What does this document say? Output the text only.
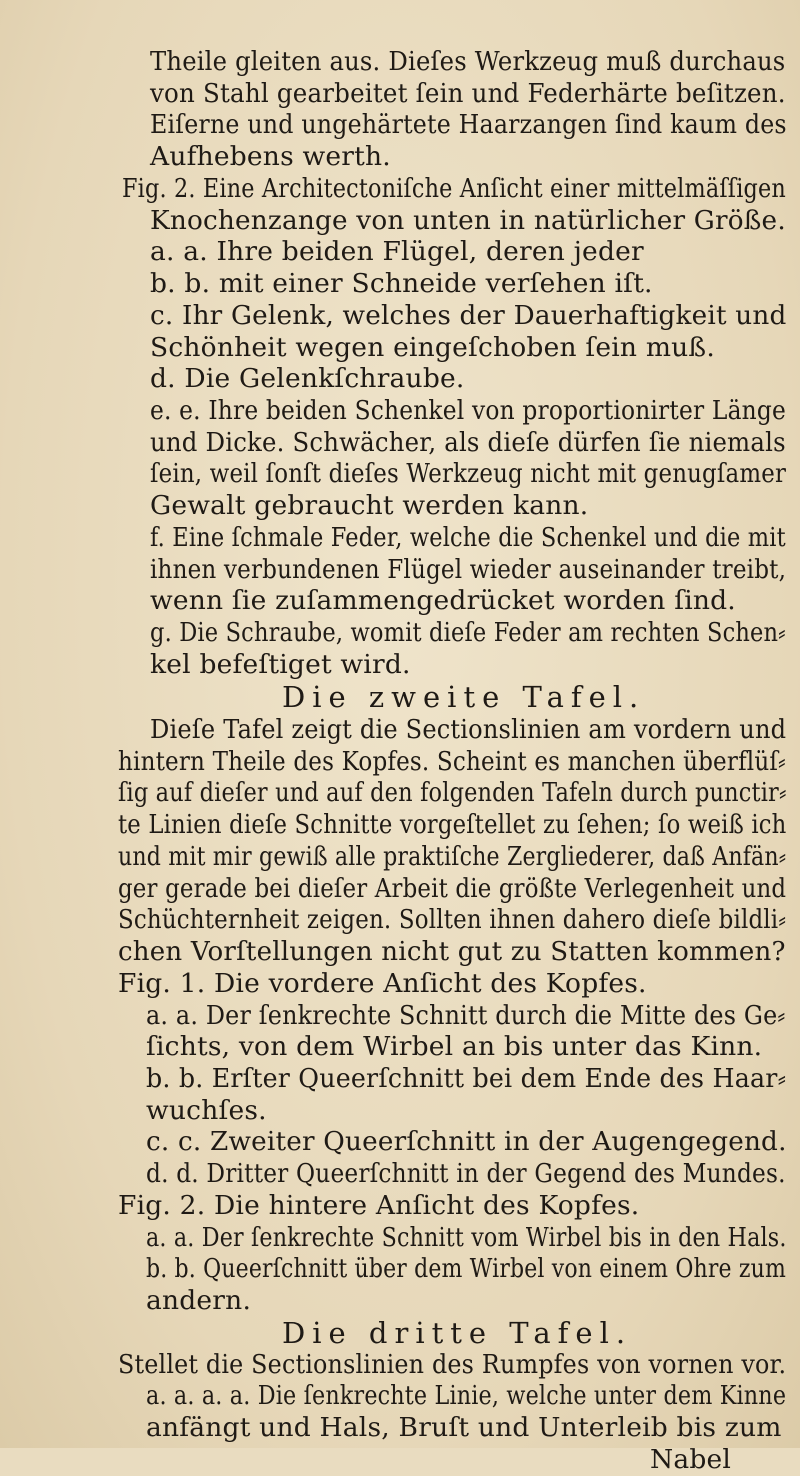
Theile gleiten aus. Dieſes Werkzeug muß durchaus
von Stahl gearbeitet ſein und Federhärte beſitzen.
Eiſerne und ungehärtete Haarzangen ſind kaum des
Aufhebens werth.
Fig. 2. Eine Architectoniſche Anſicht einer mittelmäſſigen
Knochenzange von unten in natürlicher Größe.
a. a. Ihre beiden Flügel, deren jeder
b. b. mit einer Schneide verſehen iſt.
c. Ihr Gelenk, welches der Dauerhaftigkeit und
Schönheit wegen eingeſchoben ſein muß.
d. Die Gelenkſchraube.
e. e. Ihre beiden Schenkel von proportionirter Länge
und Dicke. Schwächer, als dieſe dürfen ſie niemals
ſein, weil ſonſt dieſes Werkzeug nicht mit genugſamer
Gewalt gebraucht werden kann.
f. Eine ſchmale Feder, welche die Schenkel und die mit
ihnen verbundenen Flügel wieder auseinander treibt,
wenn ſie zuſammengedrücket worden ſind.
g. Die Schraube, womit dieſe Feder am rechten Schen⸗
kel befeſtiget wird.
Die zweite Tafel.
Dieſe Tafel zeigt die Sectionslinien am vordern und
hintern Theile des Kopfes. Scheint es manchen überflüſ⸗
ſig auf dieſer und auf den folgenden Tafeln durch punctir⸗
te Linien dieſe Schnitte vorgeſtellet zu ſehen; ſo weiß ich
und mit mir gewiß alle praktiſche Zergliederer, daß Anfän⸗
ger gerade bei dieſer Arbeit die größte Verlegenheit und
Schüchternheit zeigen. Sollten ihnen dahero dieſe bildli⸗
chen Vorſtellungen nicht gut zu Statten kommen?
Fig. 1. Die vordere Anſicht des Kopfes.
a. a. Der ſenkrechte Schnitt durch die Mitte des Ge⸗
ſichts, von dem Wirbel an bis unter das Kinn.
b. b. Erſter Queerſchnitt bei dem Ende des Haar⸗
wuchſes.
c. c. Zweiter Queerſchnitt in der Augengegend.
d. d. Dritter Queerſchnitt in der Gegend des Mundes.
Fig. 2. Die hintere Anſicht des Kopfes.
a. a. Der ſenkrechte Schnitt vom Wirbel bis in den Hals.
b. b. Queerſchnitt über dem Wirbel von einem Ohre zum
andern.
Die dritte Tafel.
Stellet die Sectionslinien des Rumpfes von vornen vor.
a. a. a. a. Die ſenkrechte Linie, welche unter dem Kinne
anfängt und Hals, Bruſt und Unterleib bis zum
Nabel
